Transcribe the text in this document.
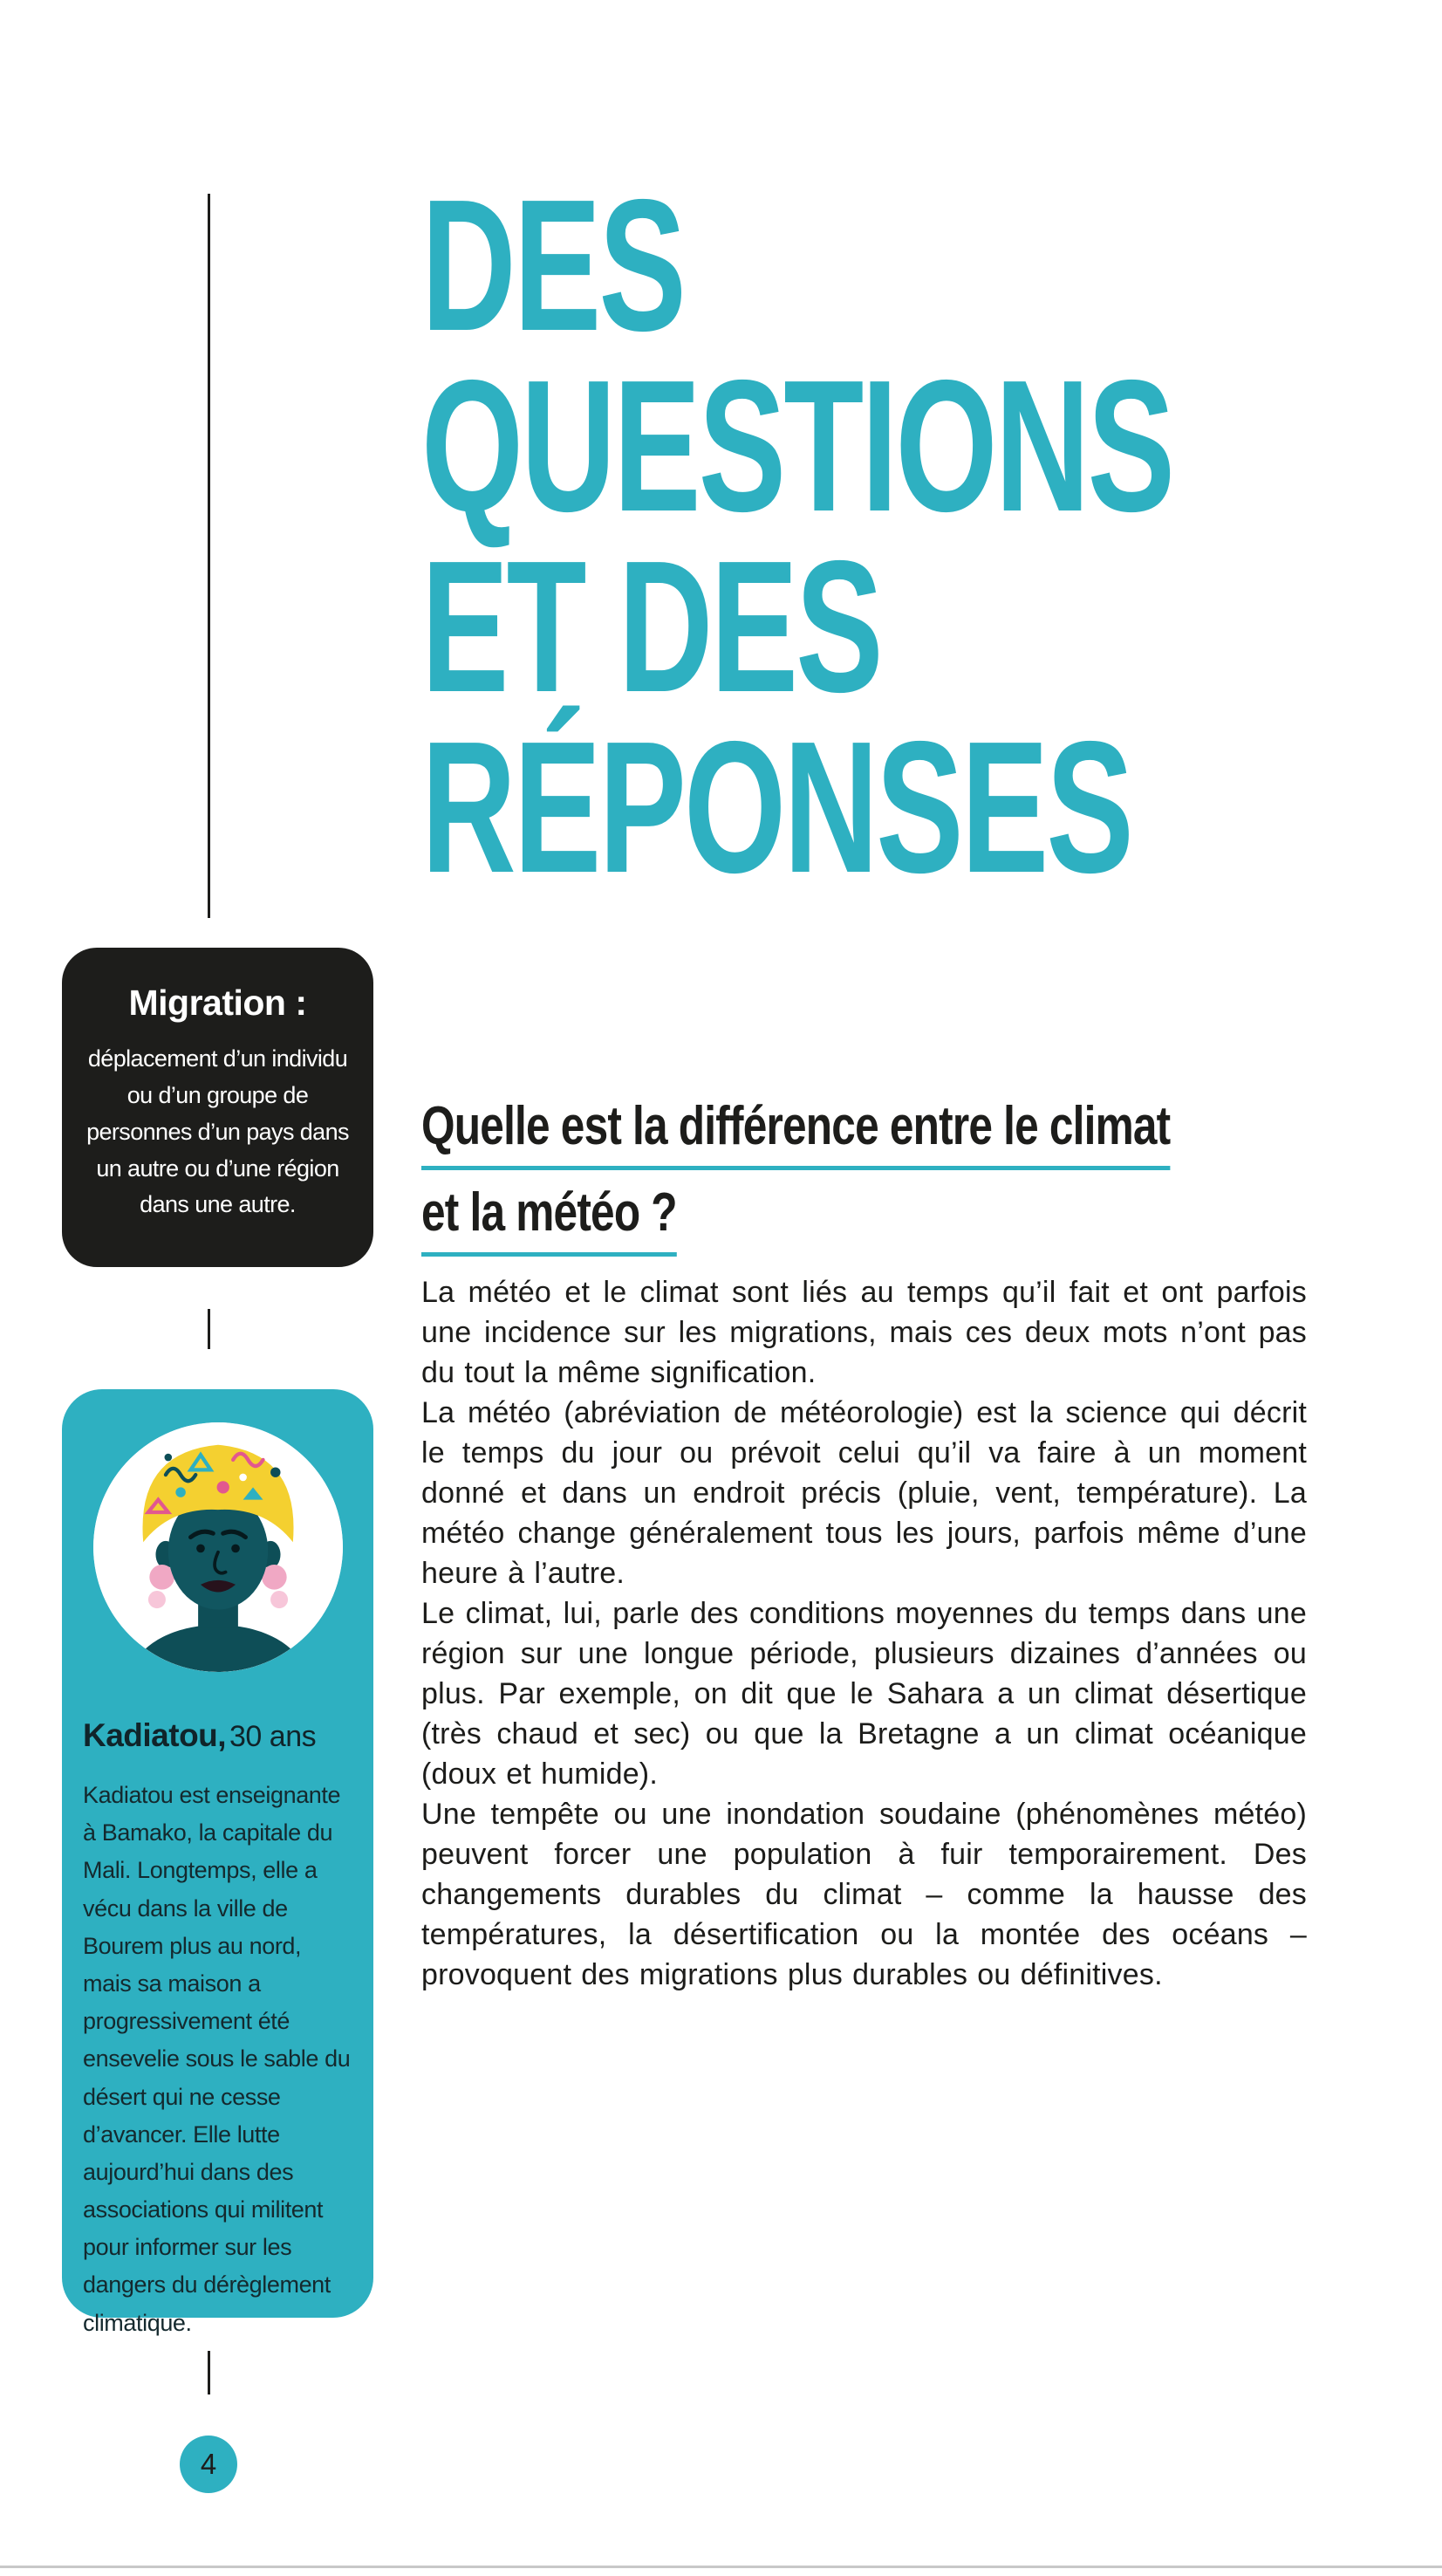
DES
QUESTIONS
ET DES
RÉPONSES
Migration :
déplacement d’un individu ou d’un groupe de personnes d’un pays dans un autre ou d’une région dans une autre.
Kadiatou, 30 ans

Kadiatou est enseignante à Bamako, la capitale du Mali. Longtemps, elle a vécu dans la ville de Bourem plus au nord, mais sa maison a progressivement été ensevelie sous le sable du désert qui ne cesse d’avancer. Elle lutte aujourd’hui dans des associations qui militent pour informer sur les dangers du dérèglement climatique.

4
Quelle est la différence entre le climat
et la météo ?

La météo et le climat sont liés au temps qu’il fait et ont parfois une incidence sur les migrations, mais ces deux mots n’ont pas du tout la même signification.

La météo (abréviation de météorologie) est la science qui décrit le temps du jour ou prévoit celui qu’il va faire à un moment donné et dans un endroit précis (pluie, vent, température). La météo change généralement tous les jours, parfois même d’une heure à l’autre.

Le climat, lui, parle des conditions moyennes du temps dans une région sur une longue période, plusieurs dizaines d’années ou plus. Par exemple, on dit que le Sahara a un climat désertique (très chaud et sec) ou que la Bretagne a un climat océanique (doux et humide).

Une tempête ou une inondation soudaine (phénomènes météo) peuvent forcer une population à fuir temporairement. Des changements durables du climat – comme la hausse des températures, la désertification ou la montée des océans – provoquent des migrations plus durables ou définitives.
